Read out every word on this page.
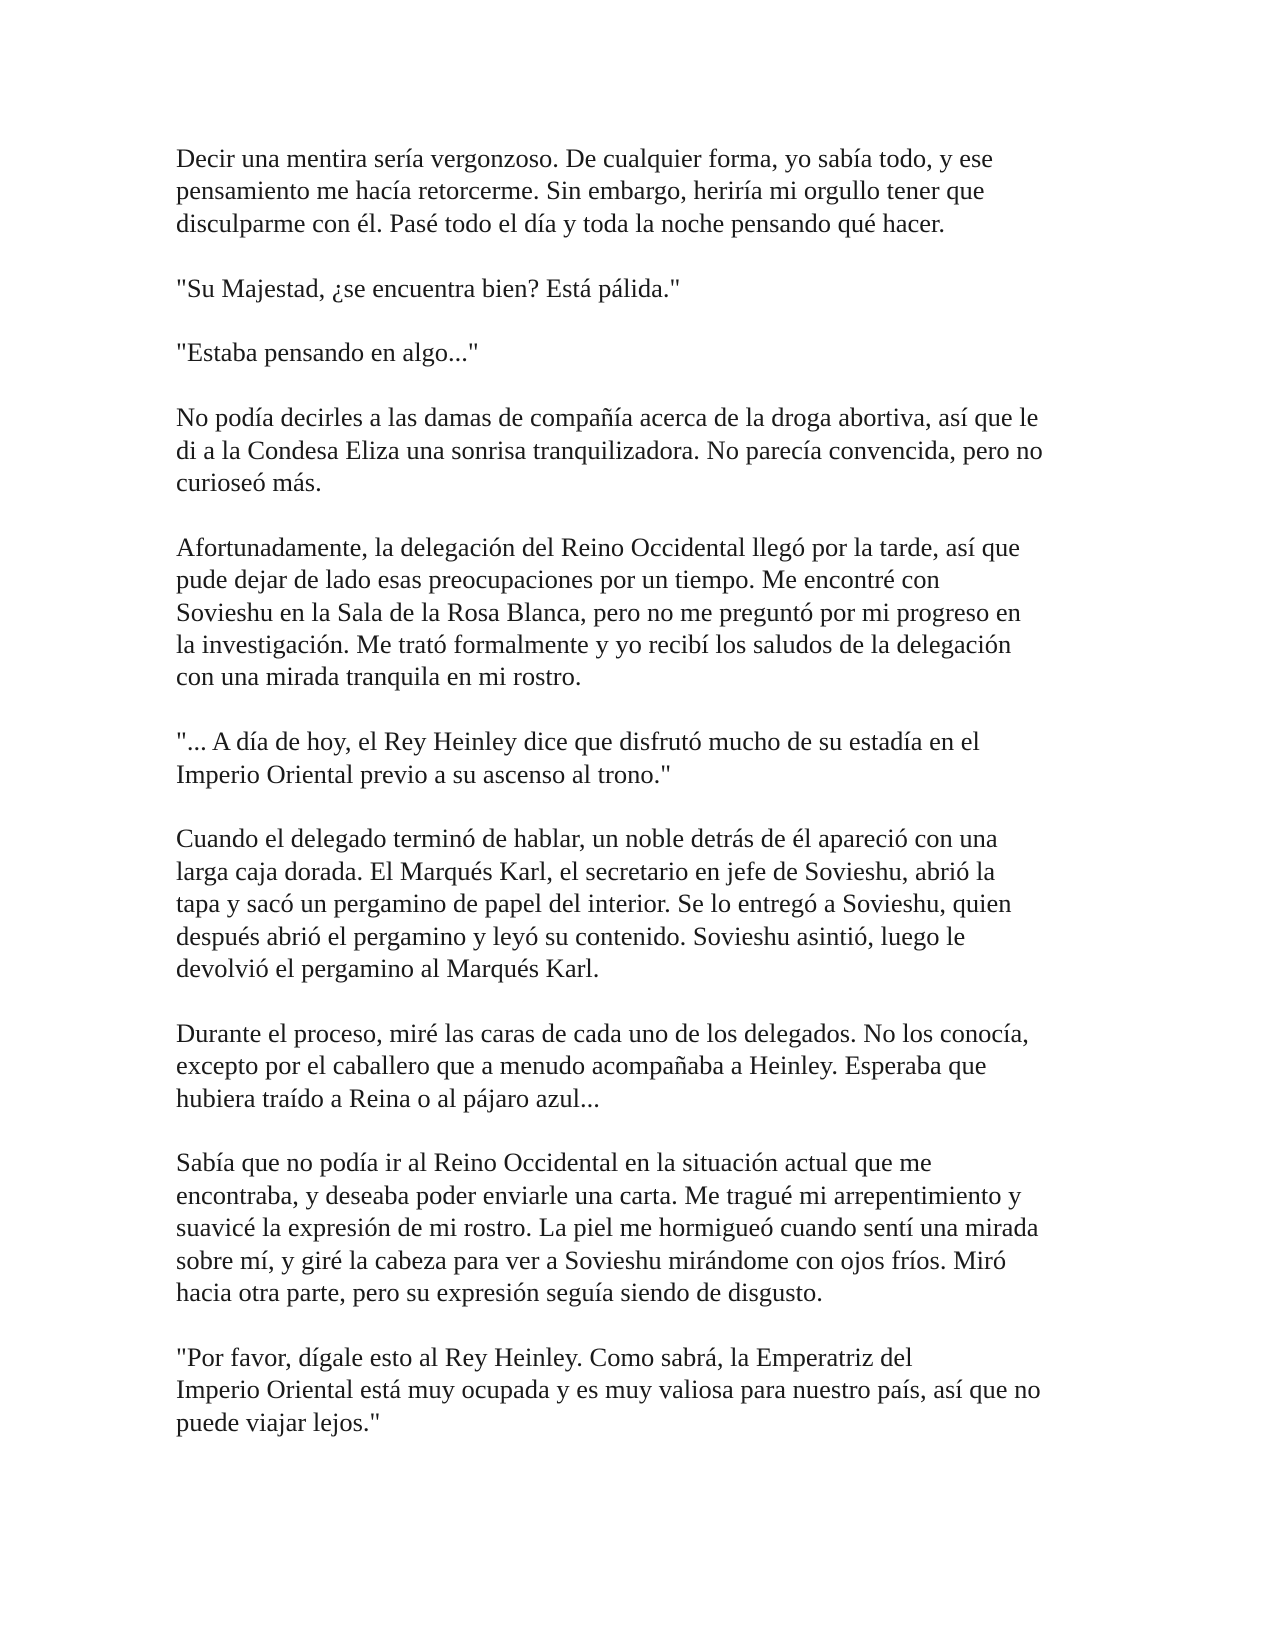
Decir una mentira sería vergonzoso. De cualquier forma, yo sabía todo, y ese
pensamiento me hacía retorcerme. Sin embargo, heriría mi orgullo tener que
disculparme con él. Pasé todo el día y toda la noche pensando qué hacer.

"Su Majestad, ¿se encuentra bien? Está pálida."

"Estaba pensando en algo..."

No podía decirles a las damas de compañía acerca de la droga abortiva, así que le
di a la Condesa Eliza una sonrisa tranquilizadora. No parecía convencida, pero no
curioseó más.

Afortunadamente, la delegación del Reino Occidental llegó por la tarde, así que
pude dejar de lado esas preocupaciones por un tiempo. Me encontré con
Sovieshu en la Sala de la Rosa Blanca, pero no me preguntó por mi progreso en
la investigación. Me trató formalmente y yo recibí los saludos de la delegación
con una mirada tranquila en mi rostro.

"... A día de hoy, el Rey Heinley dice que disfrutó mucho de su estadía en el
Imperio Oriental previo a su ascenso al trono."

Cuando el delegado terminó de hablar, un noble detrás de él apareció con una
larga caja dorada. El Marqués Karl, el secretario en jefe de Sovieshu, abrió la
tapa y sacó un pergamino de papel del interior. Se lo entregó a Sovieshu, quien
después abrió el pergamino y leyó su contenido. Sovieshu asintió, luego le
devolvió el pergamino al Marqués Karl.

Durante el proceso, miré las caras de cada uno de los delegados. No los conocía,
excepto por el caballero que a menudo acompañaba a Heinley. Esperaba que
hubiera traído a Reina o al pájaro azul...

Sabía que no podía ir al Reino Occidental en la situación actual que me
encontraba, y deseaba poder enviarle una carta. Me tragué mi arrepentimiento y
suavicé la expresión de mi rostro. La piel me hormigueó cuando sentí una mirada
sobre mí, y giré la cabeza para ver a Sovieshu mirándome con ojos fríos. Miró
hacia otra parte, pero su expresión seguía siendo de disgusto.

"Por favor, dígale esto al Rey Heinley. Como sabrá, la Emperatriz del
Imperio Oriental está muy ocupada y es muy valiosa para nuestro país, así que no
puede viajar lejos."
